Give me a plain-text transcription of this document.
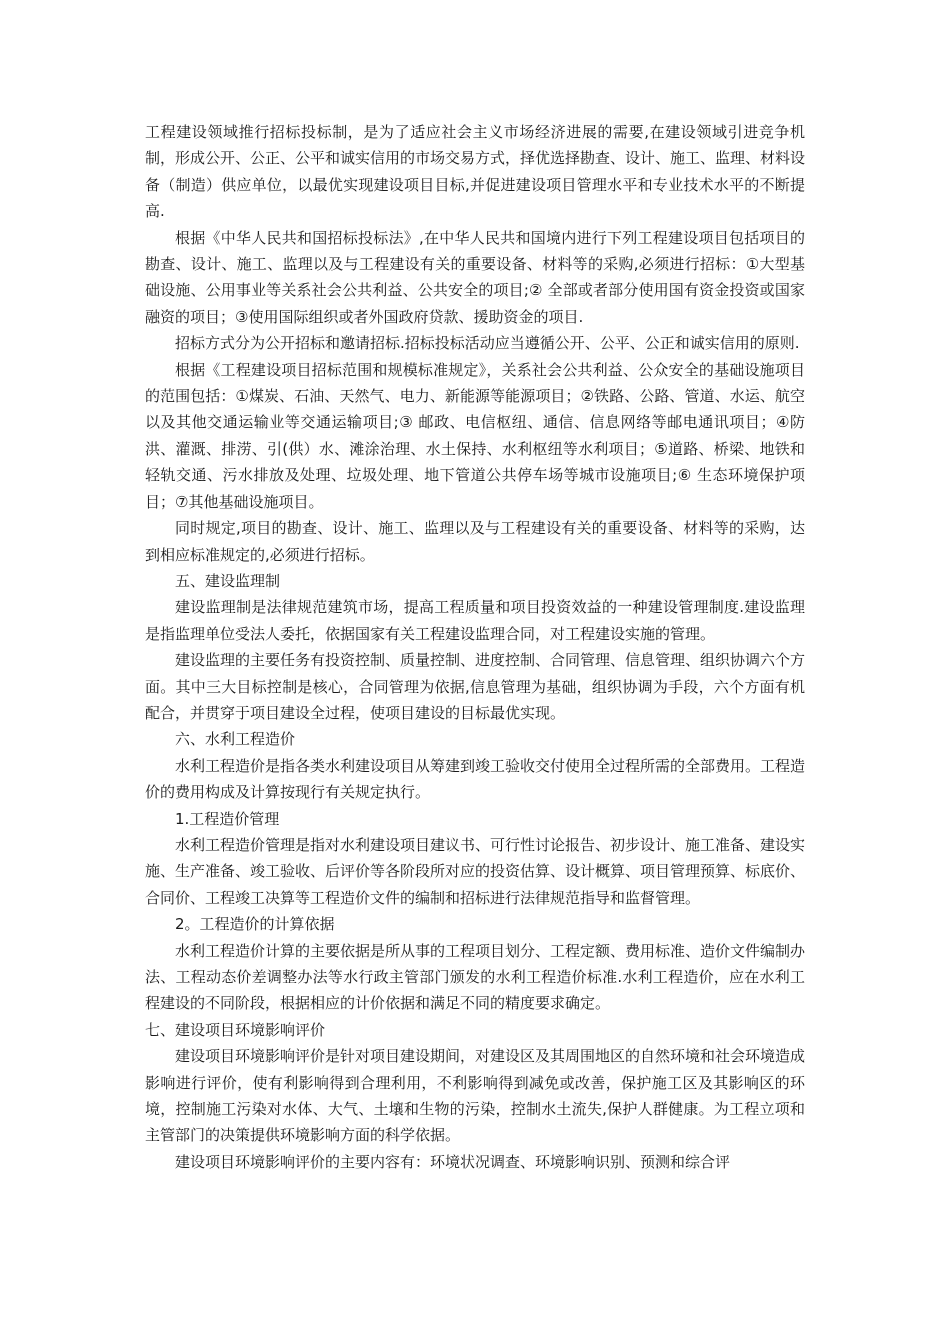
工程建设领域推行招标投标制，是为了适应社会主义市场经济进展的需要,在建设领域引进竞争机制，形成公开、公正、公平和诚实信用的市场交易方式，择优选择勘查、设计、施工、监理、材料设备（制造）供应单位，以最优实现建设项目目标,并促进建设项目管理水平和专业技术水平的不断提高.

根据《中华人民共和国招标投标法》,在中华人民共和国境内进行下列工程建设项目包括项目的勘查、设计、施工、监理以及与工程建设有关的重要设备、材料等的采购,必须进行招标：①大型基础设施、公用事业等关系社会公共利益、公共安全的项目;② 全部或者部分使用国有资金投资或国家融资的项目；③使用国际组织或者外国政府贷款、援助资金的项目.

招标方式分为公开招标和邀请招标.招标投标活动应当遵循公开、公平、公正和诚实信用的原则.

根据《工程建设项目招标范围和规模标准规定》，关系社会公共利益、公众安全的基础设施项目的范围包括：①煤炭、石油、天然气、电力、新能源等能源项目；②铁路、公路、管道、水运、航空以及其他交通运输业等交通运输项目;③ 邮政、电信枢纽、通信、信息网络等邮电通讯项目；④防洪、灌溉、排涝、引(供）水、滩涂治理、水土保持、水利枢纽等水利项目；⑤道路、桥梁、地铁和轻轨交通、污水排放及处理、垃圾处理、地下管道公共停车场等城市设施项目;⑥ 生态环境保护项目；⑦其他基础设施项目。

同时规定,项目的勘查、设计、施工、监理以及与工程建设有关的重要设备、材料等的采购，达到相应标准规定的,必须进行招标。

五、建设监理制

建设监理制是法律规范建筑市场，提高工程质量和项目投资效益的一种建设管理制度.建设监理是指监理单位受法人委托，依据国家有关工程建设监理合同，对工程建设实施的管理。

建设监理的主要任务有投资控制、质量控制、进度控制、合同管理、信息管理、组织协调六个方面。其中三大目标控制是核心，合同管理为依据,信息管理为基础，组织协调为手段，六个方面有机配合，并贯穿于项目建设全过程，使项目建设的目标最优实现。

六、水利工程造价

水利工程造价是指各类水利建设项目从筹建到竣工验收交付使用全过程所需的全部费用。工程造价的费用构成及计算按现行有关规定执行。

1.工程造价管理

水利工程造价管理是指对水利建设项目建议书、可行性讨论报告、初步设计、施工准备、建设实施、生产准备、竣工验收、后评价等各阶段所对应的投资估算、设计概算、项目管理预算、标底价、合同价、工程竣工决算等工程造价文件的编制和招标进行法律规范指导和监督管理。

2。工程造价的计算依据

水利工程造价计算的主要依据是所从事的工程项目划分、工程定额、费用标准、造价文件编制办法、工程动态价差调整办法等水行政主管部门颁发的水利工程造价标准.水利工程造价，应在水利工程建设的不同阶段，根据相应的计价依据和满足不同的精度要求确定。

七、建设项目环境影响评价

建设项目环境影响评价是针对项目建设期间，对建设区及其周围地区的自然环境和社会环境造成影响进行评价，使有利影响得到合理利用，不利影响得到减免或改善，保护施工区及其影响区的环境，控制施工污染对水体、大气、土壤和生物的污染，控制水土流失,保护人群健康。为工程立项和主管部门的决策提供环境影响方面的科学依据。

建设项目环境影响评价的主要内容有：环境状况调查、环境影响识别、预测和综合评
